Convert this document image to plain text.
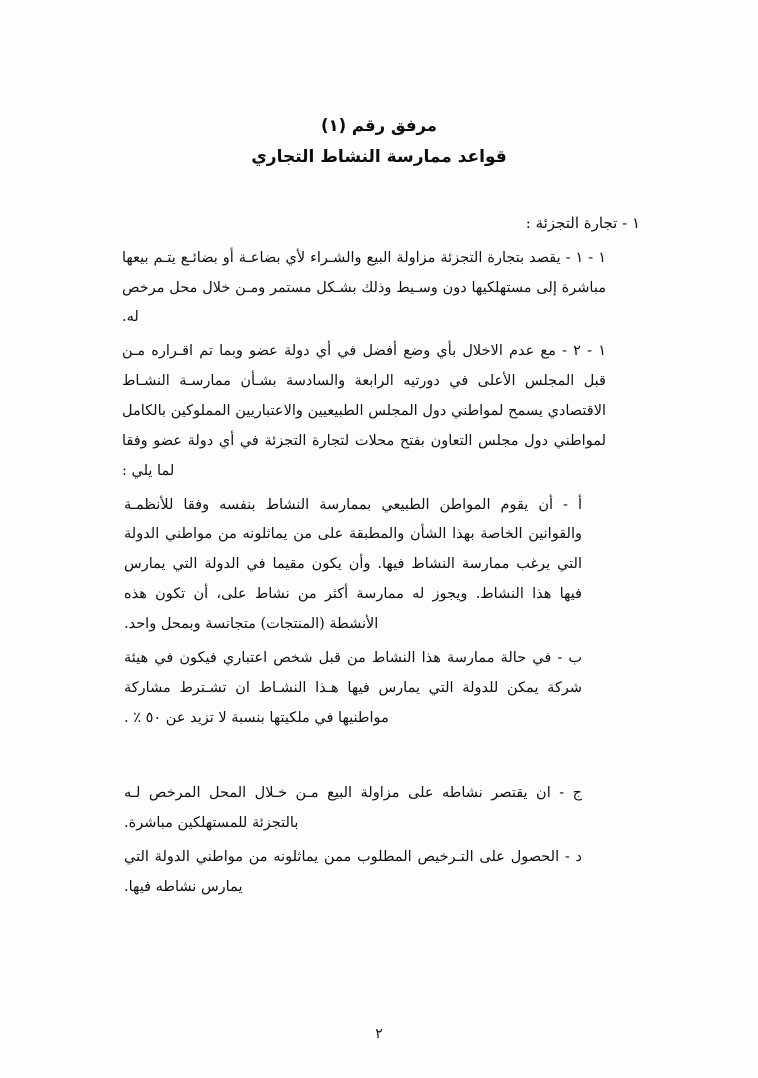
مرفق رقم (١)
قواعد ممارسة النشاط التجاري
١ - تجارة التجزئة :

١ - ١ - يقصد بتجارة التجزئة مزاولة البيع والشـراء لأي بضاعـة أو بضائـع يتـم بيعها مباشرة إلى مستهلكيها دون وسـيط وذلك بشـكل مستمر ومـن خلال محل مرخص له.

١ - ٢ - مع عدم الاخلال بأي وضع أفضل في أي دولة عضو وبما تم اقـراره مـن قبل المجلس الأعلى في دورتيه الرابعة والسادسة بشـأن ممارسـة النشـاط الاقتصادي يسمح لمواطني دول المجلس الطبيعيين والاعتباريين المملوكين بالكامل لمواطني دول مجلس التعاون بفتح محلات لتجارة التجزئة في أي دولة عضو وفقا لما يلي :

أ - أن يقوم المواطن الطبيعي بممارسة النشاط بنفسه وفقا للأنظمـة والقوانين الخاصة بهذا الشأن والمطبقة على من يماثلونه من مواطني الدولة التي يرغب ممارسة النشاط فيها. وأن يكون مقيما في الدولة التي يمارس فيها هذا النشاط. ويجوز له ممارسة أكثر من نشاط على، أن تكون هذه الأنشطة (المنتجات) متجانسة وبمحل واحد.

ب - في حالة ممارسة هذا النشاط من قبل شخص اعتباري فيكون في هيئة شركة يمكن للدولة التي يمارس فيها هـذا النشـاط ان تشـترط مشاركة مواطنيها في ملكيتها بنسبة لا تزيد عن ٥٠ ٪ .

ج - ان يقتصر نشاطه على مزاولة البيع مـن خـلال المحل المرخص لـه بالتجزئة للمستهلكين مباشرة.

د - الحصول على التـرخيص المطلوب ممن يماثلونه من مواطني الدولة التي يمارس نشاطه فيها.

٢
